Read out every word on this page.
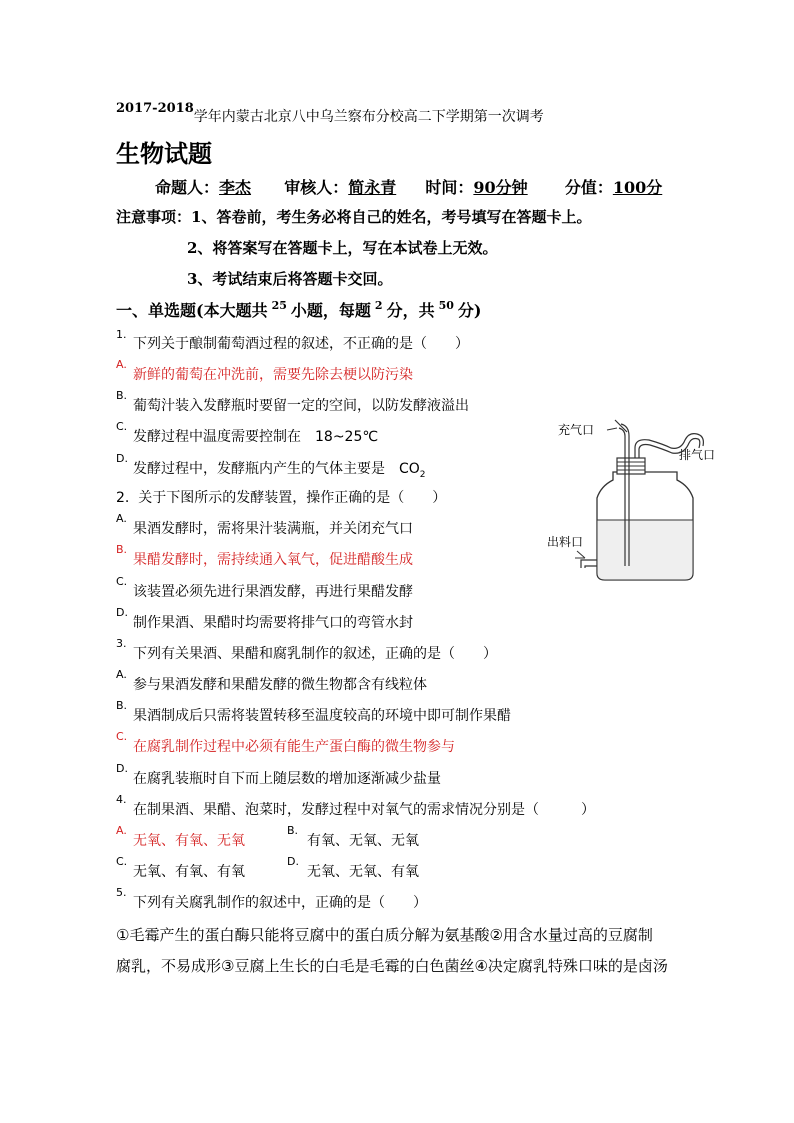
2017-2018学年内蒙古北京八中乌兰察布分校高二下学期第一次调考
生物试题
命题人：李杰 审核人：简永青 时间：90分钟 分值：100分
注意事项：1、答卷前，考生务必将自己的姓名，考号填写在答题卡上。
2、将答案写在答题卡上，写在本试卷上无效。
3、考试结束后将答题卡交回。
一、单选题(本大题共 $^{25}$ 小题，每题 $^2$ 分，共 $^{50}$ 分)
1.
下列关于酿制葡萄酒过程的叙述，不正确的是（　　）
A.
新鲜的葡萄在冲洗前，需要先除去梗以防污染
B.
葡萄汁装入发酵瓶时要留一定的空间，以防发酵液溢出
C.
发酵过程中温度需要控制在　18~25℃
D.
发酵过程中，发酵瓶内产生的气体主要是　$CO_2$
2. 关于下图所示的发酵装置，操作正确的是（　　）
A.
果酒发酵时，需将果汁装满瓶，并关闭充气口
B.
果醋发酵时，需持续通入氧气，促进醋酸生成
C.
该装置必须先进行果酒发酵，再进行果醋发酵
D.
制作果酒、果醋时均需要将排气口的弯管水封
3.
下列有关果酒、果醋和腐乳制作的叙述，正确的是（　　）
A.
参与果酒发酵和果醋发酵的微生物都含有线粒体
B.
果酒制成后只需将装置转移至温度较高的环境中即可制作果醋
C.
在腐乳制作过程中必须有能生产蛋白酶的微生物参与
D.
在腐乳装瓶时自下而上随层数的增加逐渐减少盐量
4.
在制果酒、果醋、泡菜时，发酵过程中对氧气的需求情况分别是（　　　）
A.
无氧、有氧、无氧
B.
有氧、无氧、无氧
C.
无氧、有氧、有氧
D.
无氧、无氧、有氧
5.
下列有关腐乳制作的叙述中，正确的是（　　）
①毛霉产生的蛋白酶只能将豆腐中的蛋白质分解为氨基酸②用含水量过高的豆腐制
腐乳，不易成形③豆腐上生长的白毛是毛霉的白色菌丝④决定腐乳特殊口味的是卤汤
充气口
排气口
出料口
